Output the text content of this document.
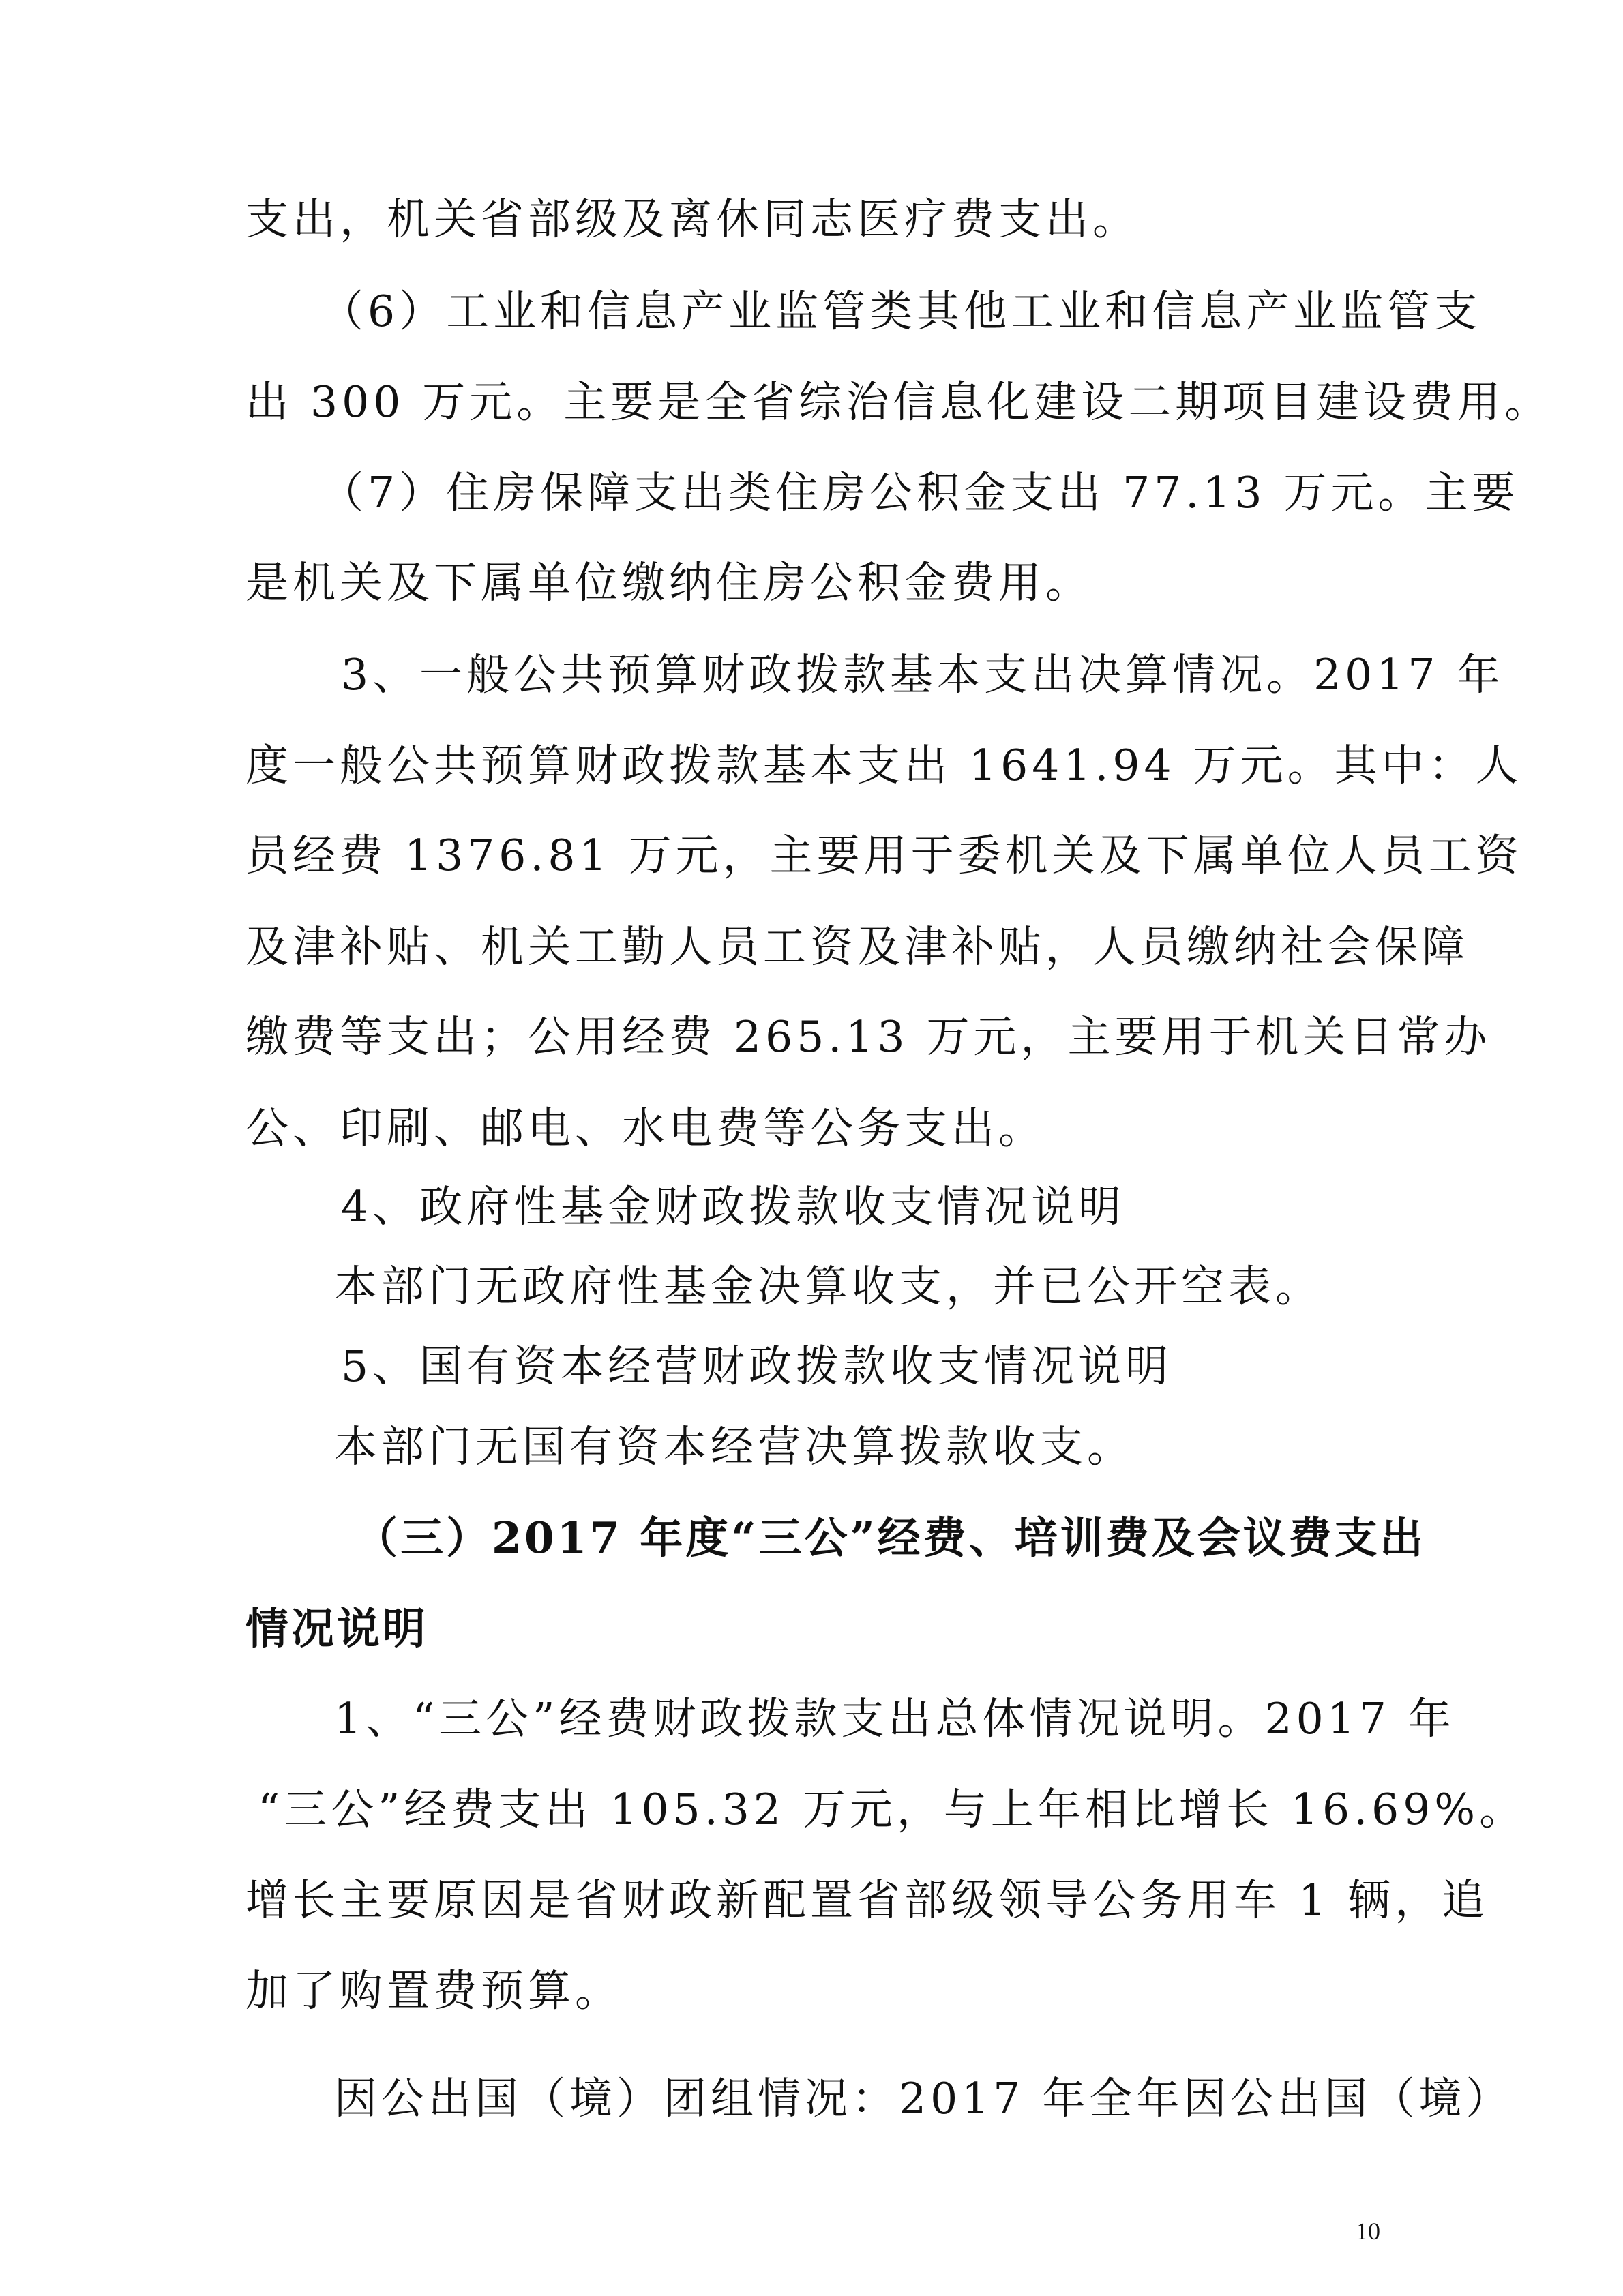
支出，机关省部级及离休同志医疗费支出。
（6）工业和信息产业监管类其他工业和信息产业监管支
出 300 万元。主要是全省综治信息化建设二期项目建设费用。
（7）住房保障支出类住房公积金支出 77.13 万元。主要
是机关及下属单位缴纳住房公积金费用。
3、一般公共预算财政拨款基本支出决算情况。2017 年
度一般公共预算财政拨款基本支出 1641.94 万元。其中：人
员经费 1376.81 万元，主要用于委机关及下属单位人员工资
及津补贴、机关工勤人员工资及津补贴，人员缴纳社会保障
缴费等支出；公用经费 265.13 万元，主要用于机关日常办
公、印刷、邮电、水电费等公务支出。
4、政府性基金财政拨款收支情况说明
本部门无政府性基金决算收支，并已公开空表。
5、国有资本经营财政拨款收支情况说明
本部门无国有资本经营决算拨款收支。
（三）2017 年度“三公”经费、培训费及会议费支出
情况说明
1、“三公”经费财政拨款支出总体情况说明。2017 年
“三公”经费支出 105.32 万元，与上年相比增长 16.69%。
增长主要原因是省财政新配置省部级领导公务用车 1 辆，追
加了购置费预算。
因公出国（境）团组情况：2017 年全年因公出国（境）
10
